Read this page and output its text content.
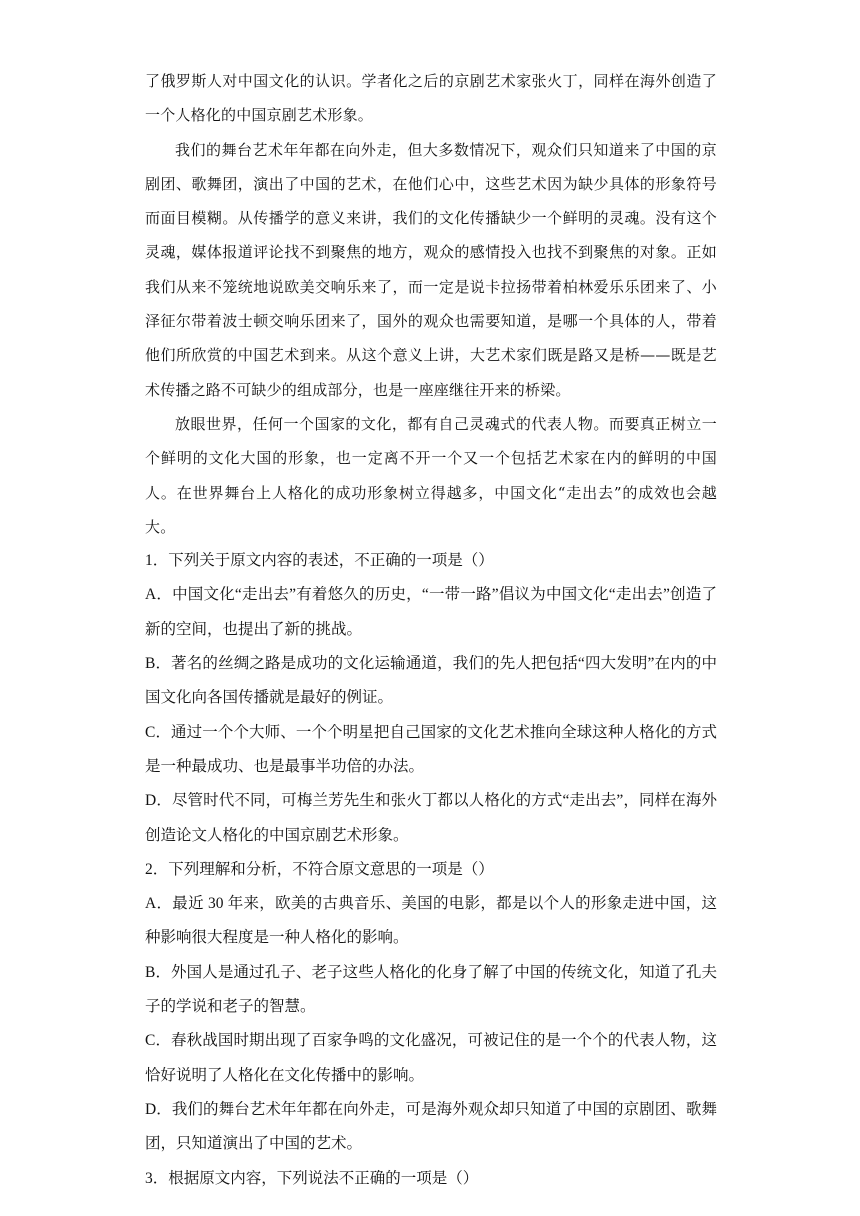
了俄罗斯人对中国文化的认识。学者化之后的京剧艺术家张火丁，同样在海外创造了一个人格化的中国京剧艺术形象。

我们的舞台艺术年年都在向外走，但大多数情况下，观众们只知道来了中国的京剧团、歌舞团，演出了中国的艺术，在他们心中，这些艺术因为缺少具体的形象符号而面目模糊。从传播学的意义来讲，我们的文化传播缺少一个鲜明的灵魂。没有这个灵魂，媒体报道评论找不到聚焦的地方，观众的感情投入也找不到聚焦的对象。正如我们从来不笼统地说欧美交响乐来了，而一定是说卡拉扬带着柏林爱乐乐团来了、小泽征尔带着波士顿交响乐团来了，国外的观众也需要知道，是哪一个具体的人，带着他们所欣赏的中国艺术到来。从这个意义上讲，大艺术家们既是路又是桥——既是艺术传播之路不可缺少的组成部分，也是一座座继往开来的桥梁。

放眼世界，任何一个国家的文化，都有自己灵魂式的代表人物。而要真正树立一个鲜明的文化大国的形象，也一定离不开一个又一个包括艺术家在内的鲜明的中国人。在世界舞台上人格化的成功形象树立得越多，中国文化“走出去”的成效也会越大。

1．下列关于原文内容的表述，不正确的一项是（）

A．中国文化“走出去”有着悠久的历史，“一带一路”倡议为中国文化“走出去”创造了新的空间，也提出了新的挑战。

B．著名的丝绸之路是成功的文化运输通道，我们的先人把包括“四大发明”在内的中国文化向各国传播就是最好的例证。

C．通过一个个大师、一个个明星把自己国家的文化艺术推向全球这种人格化的方式是一种最成功、也是最事半功倍的办法。

D．尽管时代不同，可梅兰芳先生和张火丁都以人格化的方式“走出去”，同样在海外创造论文人格化的中国京剧艺术形象。

2．下列理解和分析，不符合原文意思的一项是（）

A．最近 30 年来，欧美的古典音乐、美国的电影，都是以个人的形象走进中国，这种影响很大程度是一种人格化的影响。

B．外国人是通过孔子、老子这些人格化的化身了解了中国的传统文化，知道了孔夫子的学说和老子的智慧。

C．春秋战国时期出现了百家争鸣的文化盛况，可被记住的是一个个的代表人物，这恰好说明了人格化在文化传播中的影响。

D．我们的舞台艺术年年都在向外走，可是海外观众却只知道了中国的京剧团、歌舞团，只知道演出了中国的艺术。

3．根据原文内容，下列说法不正确的一项是（）
